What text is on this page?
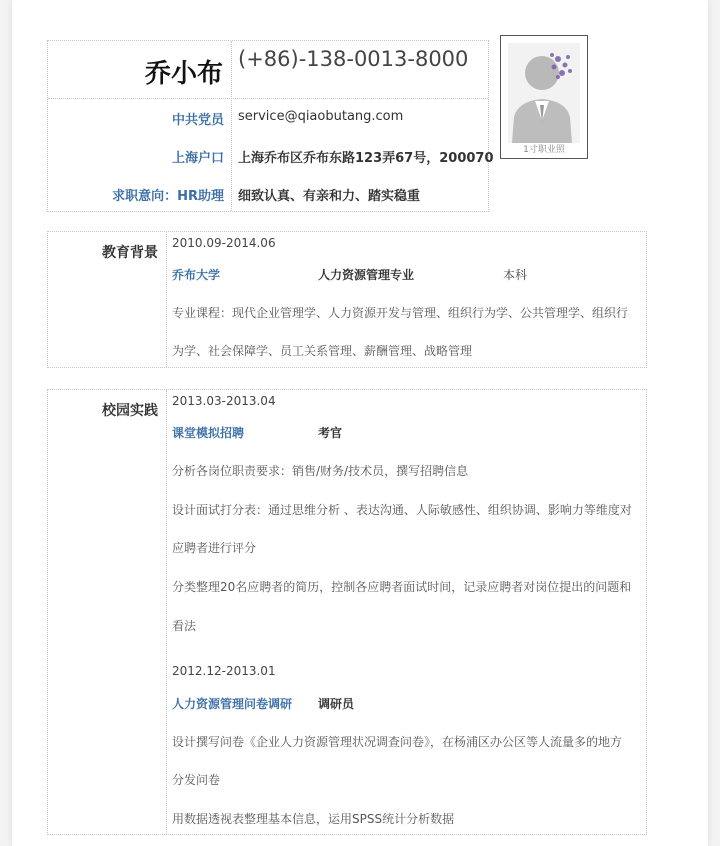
乔小布 (+86)-138-0013-8000
中共党员 service@qiaobutang.com
上海户口 上海乔布区乔布东路123弄67号，200070
求职意向：HR助理 细致认真、有亲和力、踏实稳重
1寸职业照
教育背景
2010.09-2014.06
乔布大学	人力资源管理专业	本科
专业课程：现代企业管理学、人力资源开发与管理、组织行为学、公共管理学、组织行
为学、社会保障学、员工关系管理、薪酬管理、战略管理
校园实践
2013.03-2013.04
课堂模拟招聘	考官
分析各岗位职责要求：销售/财务/技术员，撰写招聘信息
设计面试打分表：通过思维分析 、表达沟通、人际敏感性、组织协调、影响力等维度对
应聘者进行评分
分类整理20名应聘者的简历，控制各应聘者面试时间，记录应聘者对岗位提出的问题和
看法
2012.12-2013.01
人力资源管理问卷调研 调研员
设计撰写问卷《企业人力资源管理状况调查问卷》，在杨浦区办公区等人流量多的地方
分发问卷
用数据透视表整理基本信息，运用SPSS统计分析数据
